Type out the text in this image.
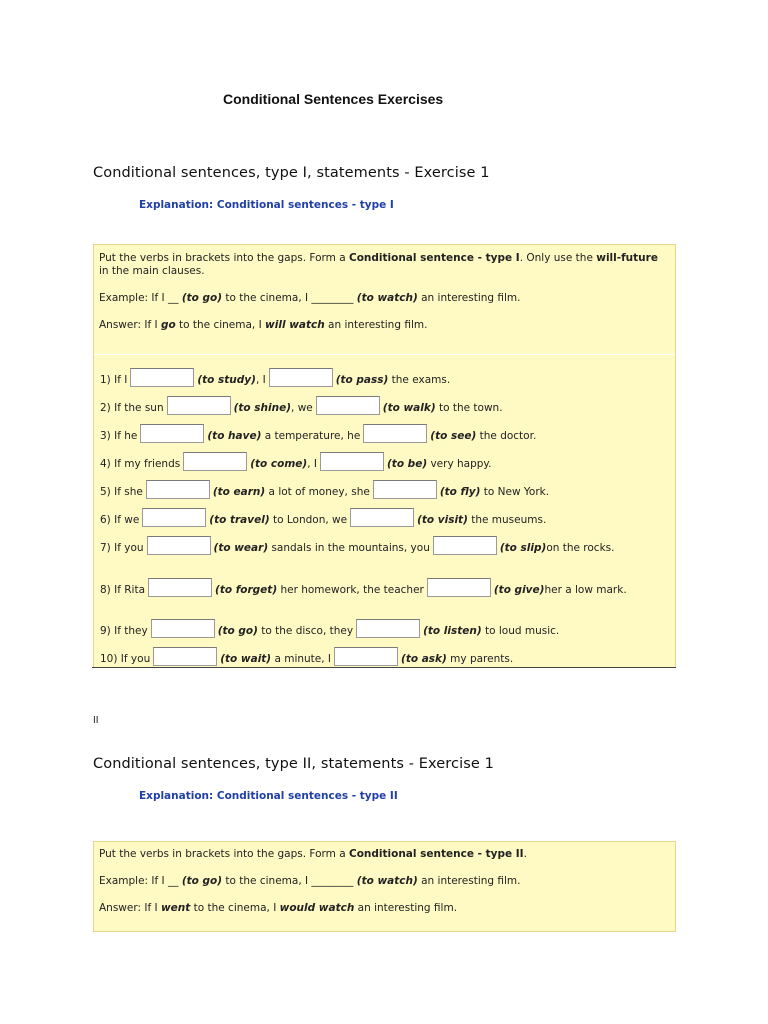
Conditional Sentences Exercises
Conditional sentences, type I, statements - Exercise 1
Explanation: Conditional sentences - type I

Put the verbs in brackets into the gaps. Form a Conditional sentence - type I. Only use the will-future in the main clauses.

Example: If I __ (to go) to the cinema, I ________ (to watch) an interesting film.

Answer: If I go to the cinema, I will watch an interesting film.

1) If I	(to study), I	(to pass) the exams.
2) If the sun	(to shine), we	(to walk) to the town.
3) If he	(to have) a temperature, he	(to see) the doctor.
4) If my friends	(to come), I	(to be) very happy.
5) If she	(to earn) a lot of money, she	(to fly) to New York.
6) If we	(to travel) to London, we	(to visit) the museums.
7) If you	(to wear) sandals in the mountains, you	(to slip)on the rocks.
8) If Rita	(to forget) her homework, the teacher	(to give)her a low mark.
9) If they	(to go) to the disco, they	(to listen) to loud music.
10) If you	(to wait) a minute, I	(to ask) my parents.
II
Conditional sentences, type II, statements - Exercise 1
Explanation: Conditional sentences - type II

Put the verbs in brackets into the gaps. Form a Conditional sentence - type II.

Example: If I __ (to go) to the cinema, I ________ (to watch) an interesting film.

Answer: If I went to the cinema, I would watch an interesting film.
